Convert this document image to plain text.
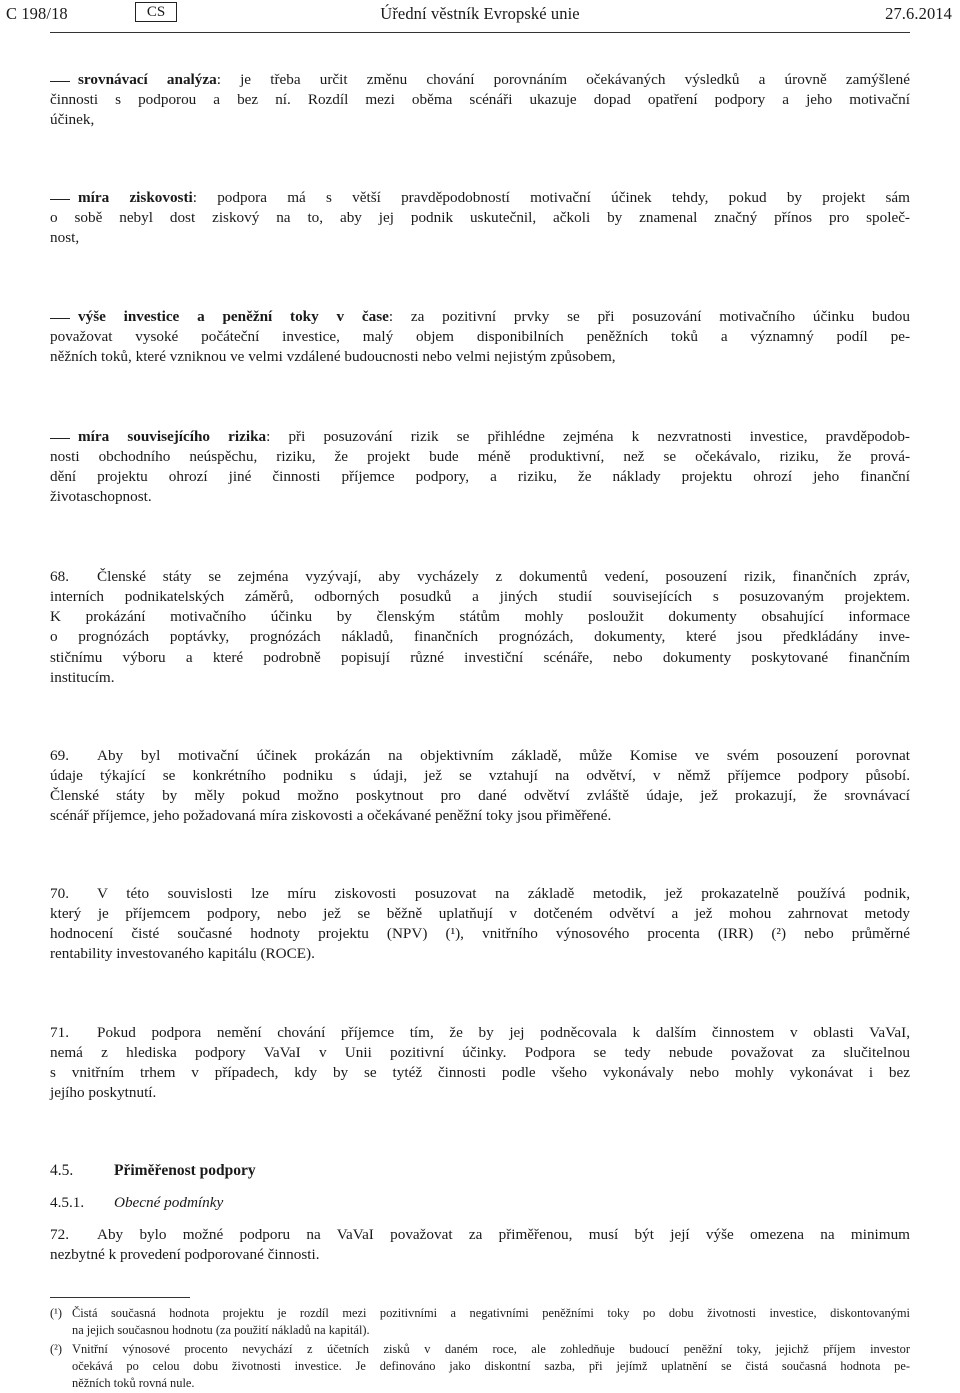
C 198/18	CS	Úřední věstník Evropské unie	27.6.2014
srovnávací analýza: je třeba určit změnu chování porovnáním očekávaných výsledků a úrovně zamýšlené
činnosti s podporou a bez ní. Rozdíl mezi oběma scénáři ukazuje dopad opatření podpory a jeho motivační
účinek,
míra ziskovosti: podpora má s větší pravděpodobností motivační účinek tehdy, pokud by projekt sám
o sobě nebyl dost ziskový na to, aby jej podnik uskutečnil, ačkoli by znamenal značný přínos pro společ-
nost,
výše investice a peněžní toky v čase: za pozitivní prvky se při posuzování motivačního účinku budou
považovat vysoké počáteční investice, malý objem disponibilních peněžních toků a významný podíl pe-
něžních toků, které vzniknou ve velmi vzdálené budoucnosti nebo velmi nejistým způsobem,
míra souvisejícího rizika: při posuzování rizik se přihlédne zejména k nezvratnosti investice, pravděpodob-
nosti obchodního neúspěchu, riziku, že projekt bude méně produktivní, než se očekávalo, riziku, že prová-
dění projektu ohrozí jiné činnosti příjemce podpory, a riziku, že náklady projektu ohrozí jeho finanční
životaschopnost.
68. Členské státy se zejména vyzývají, aby vycházely z dokumentů vedení, posouzení rizik, finančních zpráv,
interních podnikatelských záměrů, odborných posudků a jiných studií souvisejících s posuzovaným projektem.
K prokázání motivačního účinku by členským státům mohly posloužit dokumenty obsahující informace
o prognózách poptávky, prognózách nákladů, finančních prognózách, dokumenty, které jsou předkládány inve-
stičnímu výboru a které podrobně popisují různé investiční scénáře, nebo dokumenty poskytované finančním
institucím.
69. Aby byl motivační účinek prokázán na objektivním základě, může Komise ve svém posouzení porovnat
údaje týkající se konkrétního podniku s údaji, jež se vztahují na odvětví, v němž příjemce podpory působí.
Členské státy by měly pokud možno poskytnout pro dané odvětví zvláště údaje, jež prokazují, že srovnávací
scénář příjemce, jeho požadovaná míra ziskovosti a očekávané peněžní toky jsou přiměřené.
70. V této souvislosti lze míru ziskovosti posuzovat na základě metodik, jež prokazatelně používá podnik,
který je příjemcem podpory, nebo jež se běžně uplatňují v dotčeném odvětví a jež mohou zahrnovat metody
hodnocení čisté současné hodnoty projektu (NPV) (¹), vnitřního výnosového procenta (IRR) (²) nebo průměrné
rentability investovaného kapitálu (ROCE).
71. Pokud podpora nemění chování příjemce tím, že by jej podněcovala k dalším činnostem v oblasti VaVaI,
nemá z hlediska podpory VaVaI v Unii pozitivní účinky. Podpora se tedy nebude považovat za slučitelnou
s vnitřním trhem v případech, kdy by se tytéž činnosti podle všeho vykonávaly nebo mohly vykonávat i bez
jejího poskytnutí.
4.5.	Přiměřenost podpory
4.5.1. Obecné podmínky
72. Aby bylo možné podporu na VaVaI považovat za přiměřenou, musí být její výše omezena na minimum
nezbytné k provedení podporované činnosti.
(¹) Čistá současná hodnota projektu je rozdíl mezi pozitivními a negativními peněžními toky po dobu životnosti investice, diskontovanými
na jejich současnou hodnotu (za použití nákladů na kapitál).
(²) Vnitřní výnosové procento nevychází z účetních zisků v daném roce, ale zohledňuje budoucí peněžní toky, jejichž příjem investor
očekává po celou dobu životnosti investice. Je definováno jako diskontní sazba, při jejímž uplatnění se čistá současná hodnota pe-
něžních toků rovná nule.
